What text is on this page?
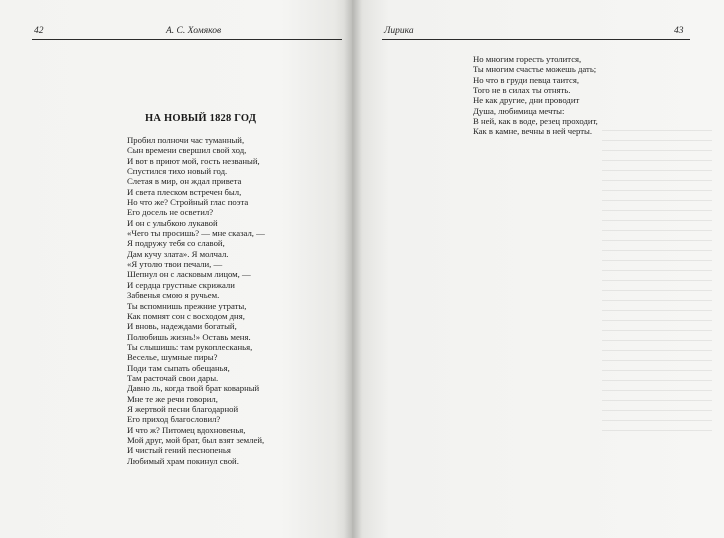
42	А. С. Хомяков
НА НОВЫЙ 1828 ГОД
Пробил полночи час туманный,
Сын времени свершил свой ход,
И вот в приют мой, гость незваный,
Спустился тихо новый год.
Слетая в мир, он ждал привета
И света плеском встречен был,
Но что же? Стройный глас поэта
Его досель не осветил?
И он с улыбкою лукавой
«Чего ты просишь? — мне сказал, —
Я подружу тебя со славой,
Дам кучу злата». Я молчал.
«Я утолю твои печали, —
Шепнул он с ласковым лицом, —
И сердца грустные скрижали
Забвенья смою я ручьем.
Ты вспомнишь прежние утраты,
Как помнят сон с восходом дня,
И вновь, надеждами богатый,
Полюбишь жизнь!» Оставь меня.
Ты слышишь: там рукоплесканья,
Веселье, шумные пиры?
Поди там сыпать обещанья,
Там расточай свои дары.
Давно ль, когда твой брат коварный
Мне те же речи говорил,
Я жертвой песни благодарной
Его приход благословил?
И что ж? Питомец вдохновенья,
Мой друг, мой брат, был взят землей,
И чистый гений песнопенья
Любимый храм покинул свой.
Лирика	43
Но многим горесть утолится,
Ты многим счастье можешь дать;
Но что в груди певца таится,
Того не в силах ты отнять.
Не как другие, дни проводит
Душа, любимица мечты:
В ней, как в воде, резец проходит,
Как в камне, вечны в ней черты.
